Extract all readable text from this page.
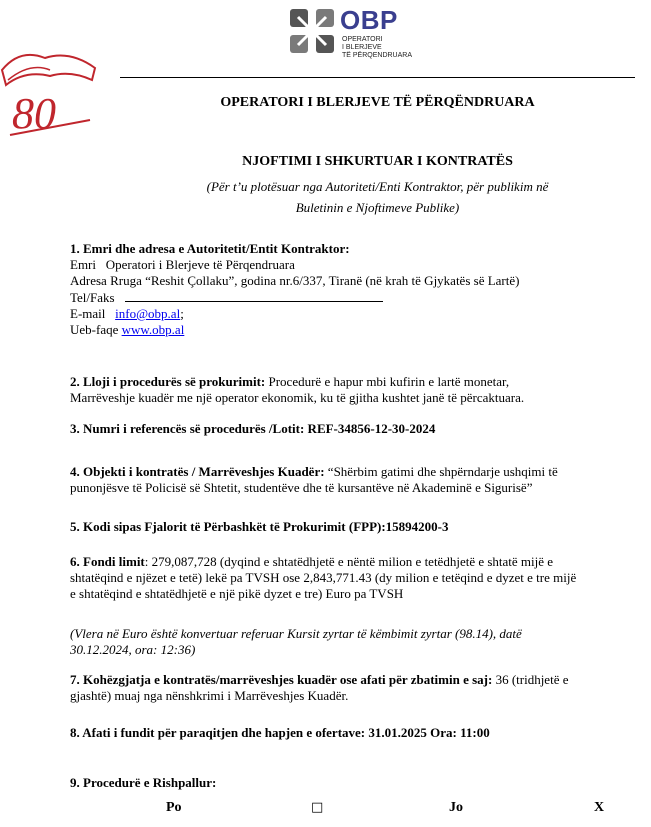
OBP
OPERATORI
I BLERJEVE
TË PËRQENDRUARA
80	OPERATORI I BLERJEVE TË PËRQËNDRUARA
NJOFTIMI I SHKURTUAR I KONTRATËS
(Për t’u plotësuar nga Autoriteti/Enti Kontraktor, për publikim në
Buletinin e Njoftimeve Publike)
1. Emri dhe adresa e Autoritetit/Entit Kontraktor:
Emri Operatori i Blerjeve të Përqendruara
Adresa Rruga “Reshit Çollaku”, godina nr.6/337, Tiranë (në krah të Gjykatës së Lartë)
Tel/Faks
E-mail info@obp.al;
Ueb-faqe www.obp.al
2. Lloji i procedurës së prokurimit: Procedurë e hapur mbi kufirin e lartë monetar,
Marrëveshje kuadër me një operator ekonomik, ku të gjitha kushtet janë të përcaktuara.
3. Numri i referencës së procedurës /Lotit: REF-34856-12-30-2024
4. Objekti i kontratës / Marrëveshjes Kuadër: “Shërbim gatimi dhe shpërndarje ushqimi të
punonjësve të Policisë së Shtetit, studentëve dhe të kursantëve në Akademinë e Sigurisë”
5. Kodi sipas Fjalorit të Përbashkët të Prokurimit (FPP):15894200-3
6. Fondi limit: 279,087,728 (dyqind e shtatëdhjetë e nëntë milion e tetëdhjetë e shtatë mijë e
shtatëqind e njëzet e tetë) lekë pa TVSH ose 2,843,771.43 (dy milion e tetëqind e dyzet e tre mijë
e shtatëqind e shtatëdhjetë e një pikë dyzet e tre) Euro pa TVSH
(Vlera në Euro është konvertuar referuar Kursit zyrtar të këmbimit zyrtar (98.14), datë
30.12.2024, ora: 12:36)
7. Kohëzgjatja e kontratës/marrëveshjes kuadër ose afati për zbatimin e saj: 36 (tridhjetë e
gjashtë) muaj nga nënshkrimi i Marrëveshjes Kuadër.
8. Afati i fundit për paraqitjen dhe hapjen e ofertave: 31.01.2025 Ora: 11:00
9. Procedurë e Rishpallur:
Po	□	Jo	X
